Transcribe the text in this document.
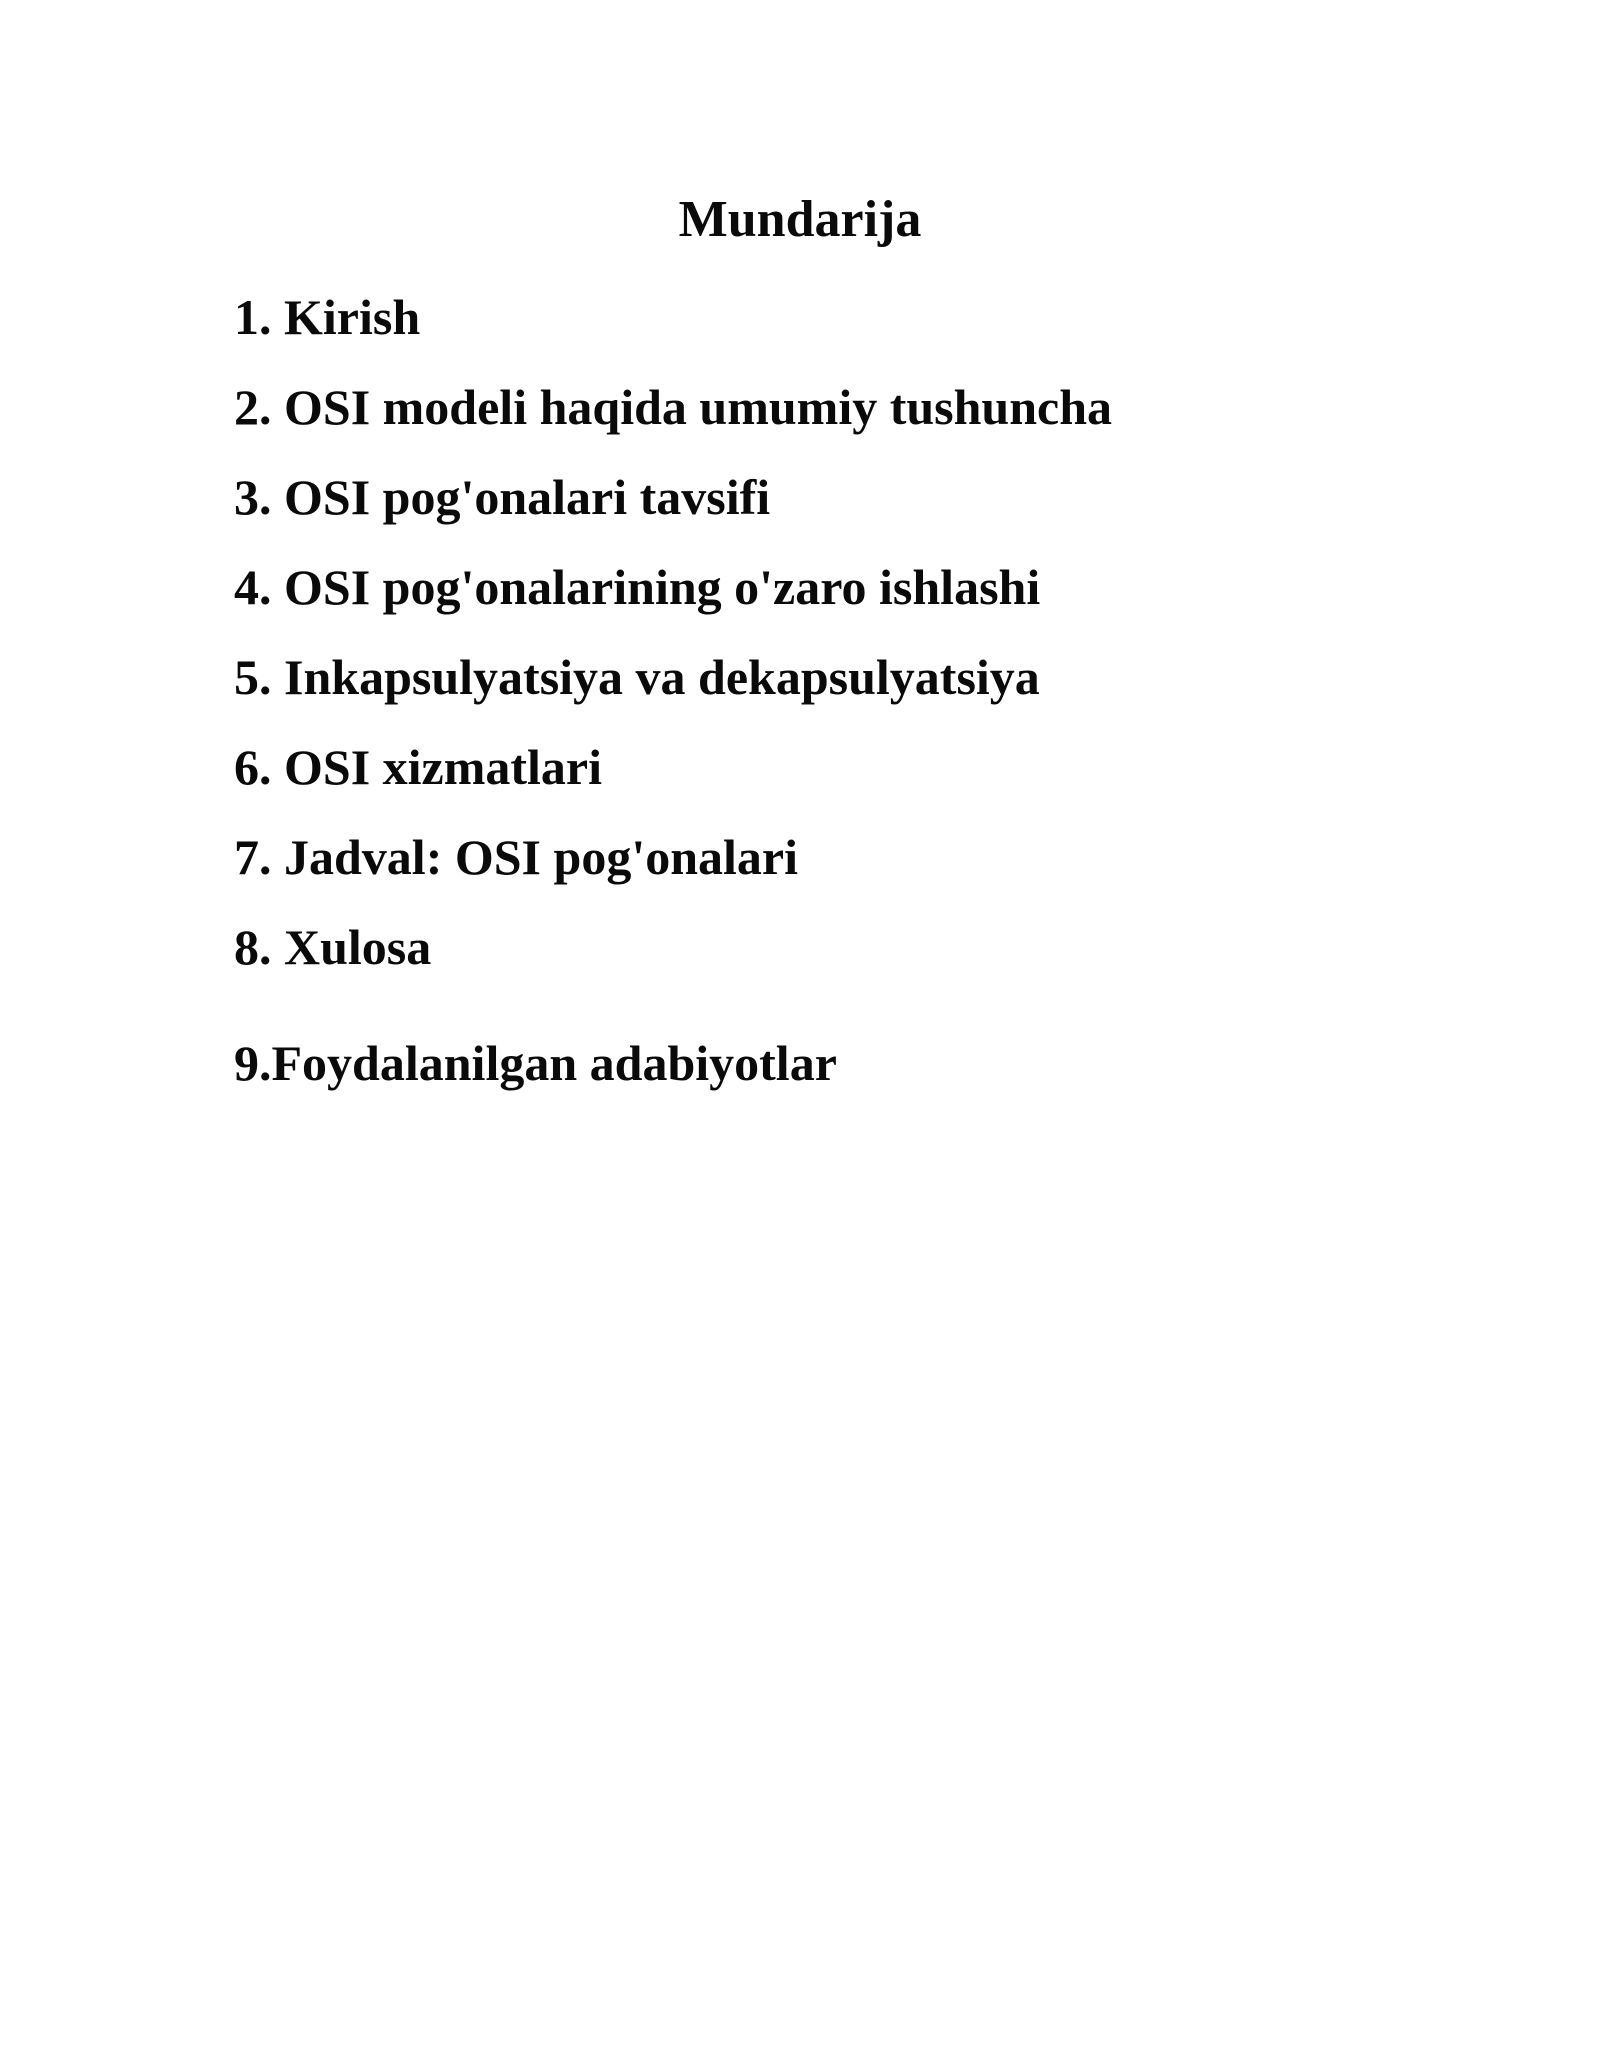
Mundarija
1. Kirish
2. OSI modeli haqida umumiy tushuncha
3. OSI pog'onalari tavsifi
4. OSI pog'onalarining o'zaro ishlashi
5. Inkapsulyatsiya va dekapsulyatsiya
6. OSI xizmatlari
7. Jadval: OSI pog'onalari
8. Xulosa
9.Foydalanilgan adabiyotlar
